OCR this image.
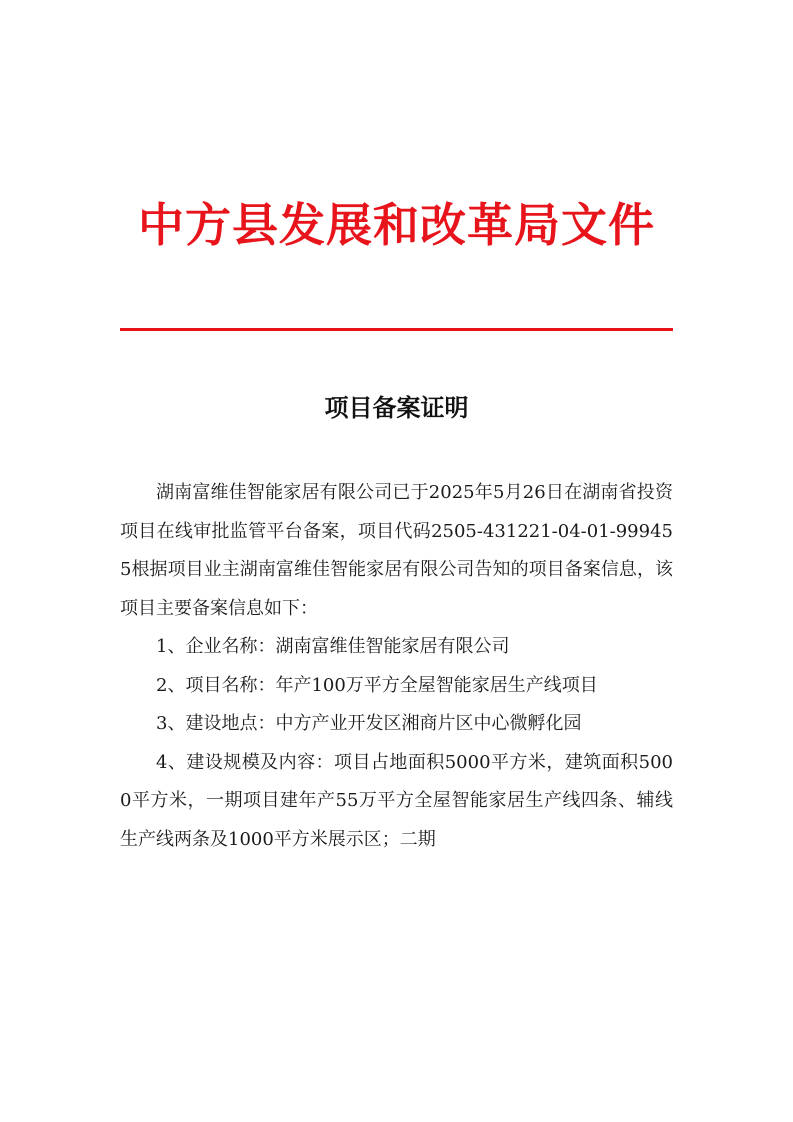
中方县发展和改革局文件
项目备案证明

湖南富维佳智能家居有限公司已于2025年5月26日在湖南省投资项目在线审批监管平台备案，项目代码2505-431221-04-01-999455根据项目业主湖南富维佳智能家居有限公司告知的项目备案信息，该项目主要备案信息如下：

1、企业名称：湖南富维佳智能家居有限公司

2、项目名称：年产100万平方全屋智能家居生产线项目

3、建设地点：中方产业开发区湘商片区中心微孵化园

4、建设规模及内容：项目占地面积5000平方米，建筑面积5000平方米，一期项目建年产55万平方全屋智能家居生产线四条、辅线生产线两条及1000平方米展示区；二期
